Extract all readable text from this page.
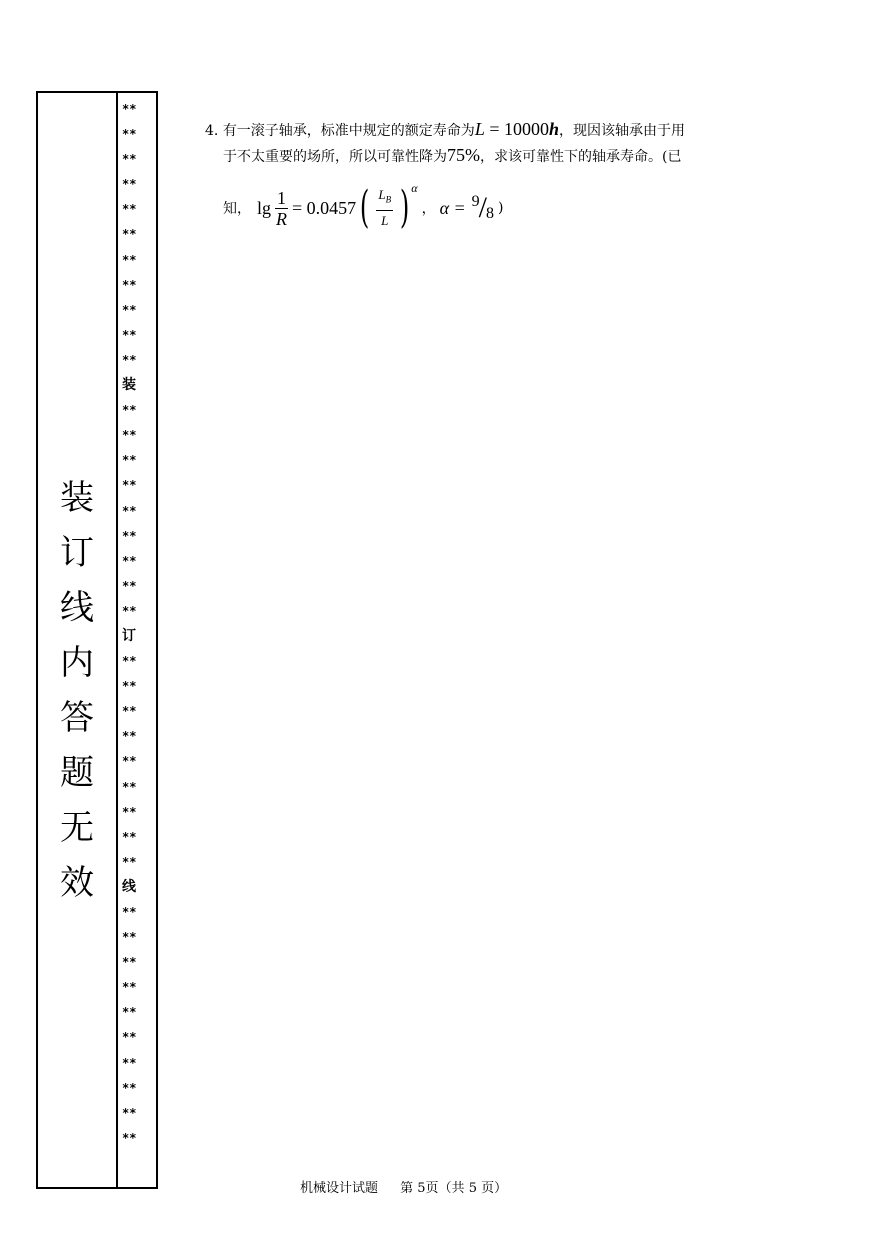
装
订
线
内
答
题
无
效
**
**
**
**
**
**
**
**
**
**
**
装
**
**
**
**
**
**
**
**
**
订
**
**
**
**
**
**
**
**
**
线
**
**
**
**
**
**
**
**
**
**
4. 有一滚子轴承，标准中规定的额定寿命为L = 10000h，现因该轴承由于用
于不太重要的场所，所以可靠性降为75%，求该可靠性下的轴承寿命。(已
知， $\lg \frac{1}{R} = 0.0457$ ( $\frac{L_B}{L}$ ) α
， α = 9 / 8 )
机械设计试题 第 5页（共 5 页）
